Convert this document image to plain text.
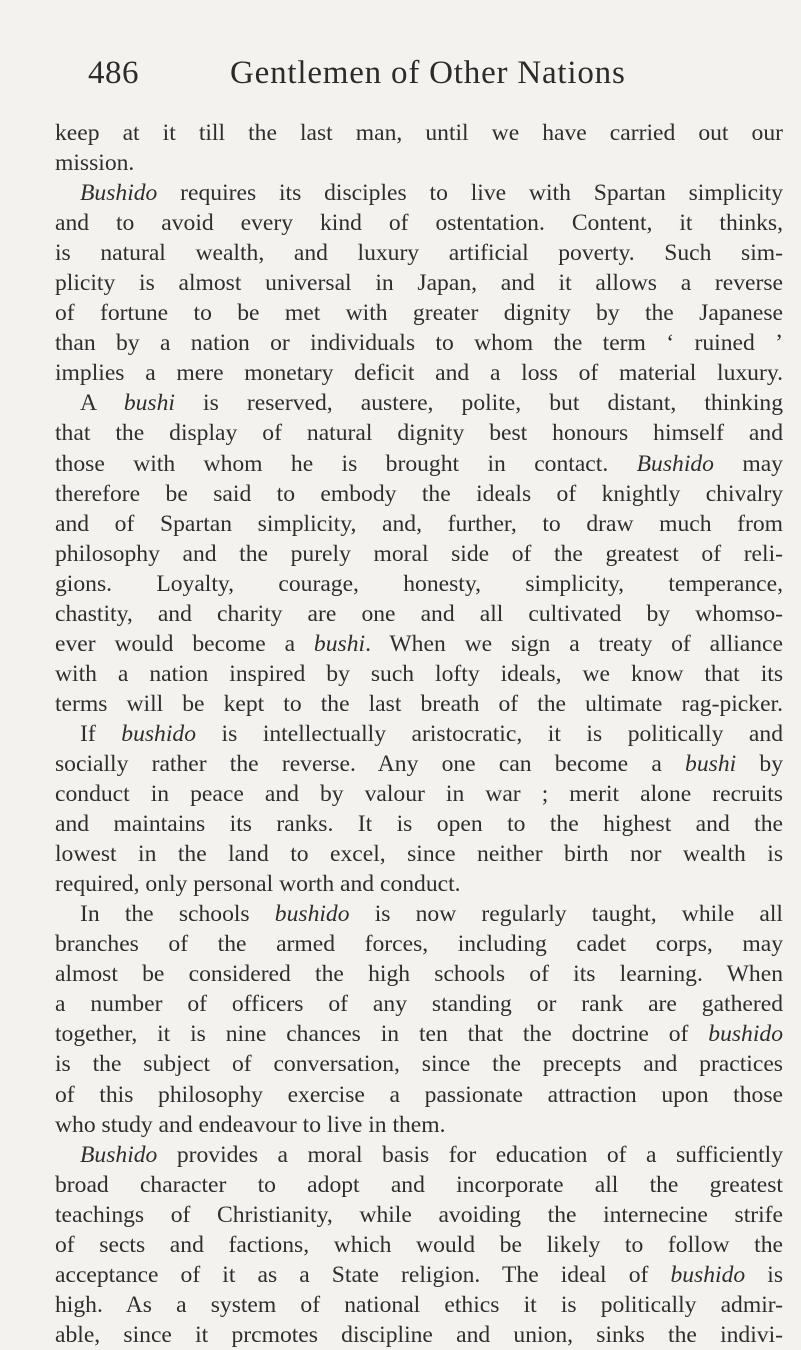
486	Gentlemen of Other Nations
keep at it till the last man, until we have carried out our
mission.
Bushido requires its disciples to live with Spartan simplicity
and to avoid every kind of ostentation. Content, it thinks,
is natural wealth, and luxury artificial poverty. Such sim-
plicity is almost universal in Japan, and it allows a reverse
of fortune to be met with greater dignity by the Japanese
than by a nation or individuals to whom the term ‘ ruined ’
implies a mere monetary deficit and a loss of material luxury.
A bushi is reserved, austere, polite, but distant, thinking
that the display of natural dignity best honours himself and
those with whom he is brought in contact. Bushido may
therefore be said to embody the ideals of knightly chivalry
and of Spartan simplicity, and, further, to draw much from
philosophy and the purely moral side of the greatest of reli-
gions. Loyalty, courage, honesty, simplicity, temperance,
chastity, and charity are one and all cultivated by whomso-
ever would become a bushi. When we sign a treaty of alliance
with a nation inspired by such lofty ideals, we know that its
terms will be kept to the last breath of the ultimate rag-picker.
If bushido is intellectually aristocratic, it is politically and
socially rather the reverse. Any one can become a bushi by
conduct in peace and by valour in war ; merit alone recruits
and maintains its ranks. It is open to the highest and the
lowest in the land to excel, since neither birth nor wealth is
required, only personal worth and conduct.
In the schools bushido is now regularly taught, while all
branches of the armed forces, including cadet corps, may
almost be considered the high schools of its learning. When
a number of officers of any standing or rank are gathered
together, it is nine chances in ten that the doctrine of bushido
is the subject of conversation, since the precepts and practices
of this philosophy exercise a passionate attraction upon those
who study and endeavour to live in them.
Bushido provides a moral basis for education of a sufficiently
broad character to adopt and incorporate all the greatest
teachings of Christianity, while avoiding the internecine strife
of sects and factions, which would be likely to follow the
acceptance of it as a State religion. The ideal of bushido is
high. As a system of national ethics it is politically admir-
able, since it prcmotes discipline and union, sinks the indivi-
